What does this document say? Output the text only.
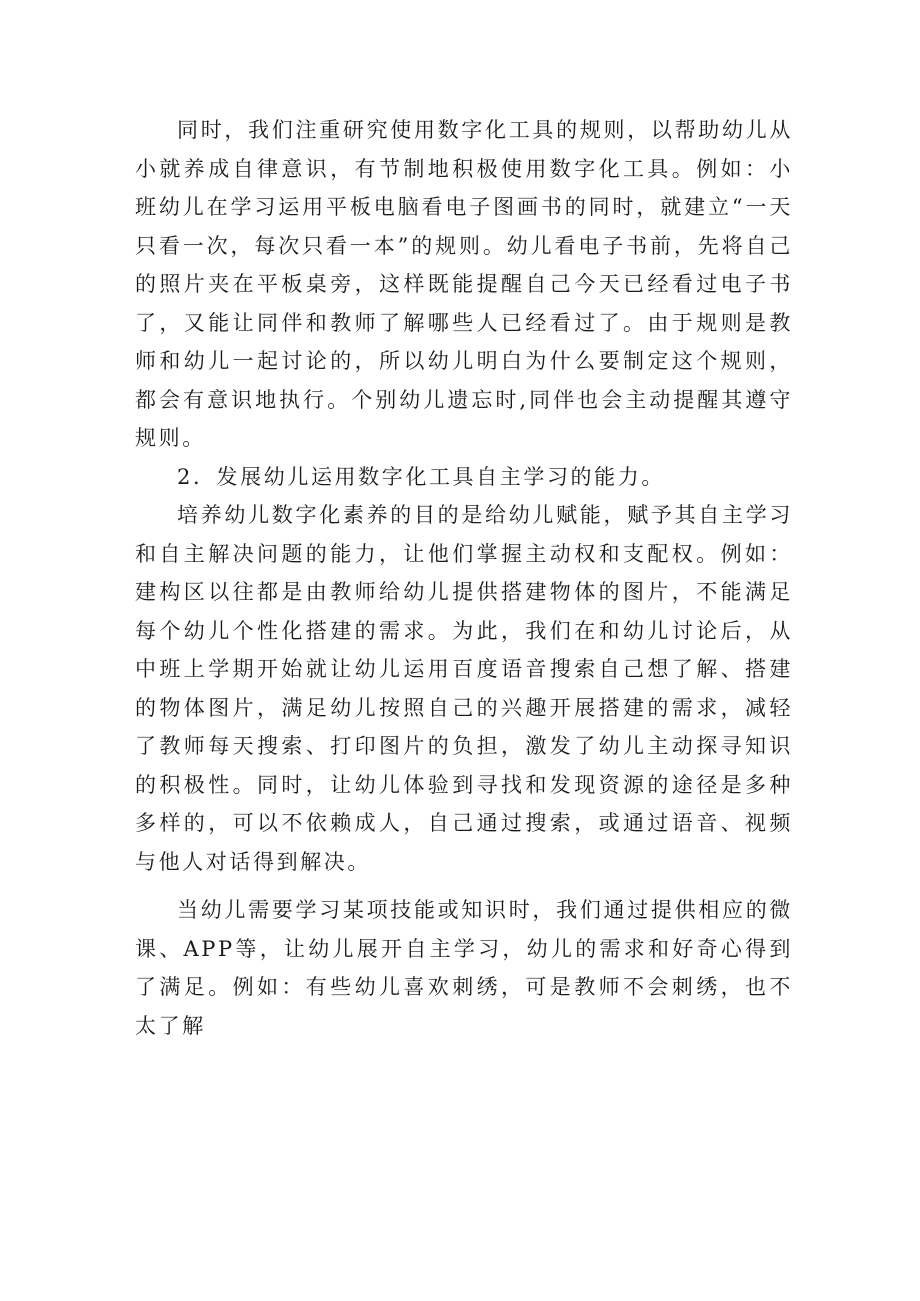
同时，我们注重研究使用数字化工具的规则，以帮助幼儿从小就养成自律意识，有节制地积极使用数字化工具。例如：小班幼儿在学习运用平板电脑看电子图画书的同时，就建立“一天只看一次，每次只看一本”的规则。幼儿看电子书前，先将自己的照片夹在平板桌旁，这样既能提醒自己今天已经看过电子书了，又能让同伴和教师了解哪些人已经看过了。由于规则是教师和幼儿一起讨论的，所以幼儿明白为什么要制定这个规则，都会有意识地执行。个别幼儿遗忘时,同伴也会主动提醒其遵守规则。

2．发展幼儿运用数字化工具自主学习的能力。

培养幼儿数字化素养的目的是给幼儿赋能，赋予其自主学习和自主解决问题的能力，让他们掌握主动权和支配权。例如：建构区以往都是由教师给幼儿提供搭建物体的图片，不能满足每个幼儿个性化搭建的需求。为此，我们在和幼儿讨论后，从中班上学期开始就让幼儿运用百度语音搜索自己想了解、搭建的物体图片，满足幼儿按照自己的兴趣开展搭建的需求，减轻了教师每天搜索、打印图片的负担，激发了幼儿主动探寻知识的积极性。同时，让幼儿体验到寻找和发现资源的途径是多种多样的，可以不依赖成人，自己通过搜索，或通过语音、视频与他人对话得到解决。

当幼儿需要学习某项技能或知识时，我们通过提供相应的微课、APP等，让幼儿展开自主学习，幼儿的需求和好奇心得到了满足。例如：有些幼儿喜欢刺绣，可是教师不会刺绣，也不太了解
